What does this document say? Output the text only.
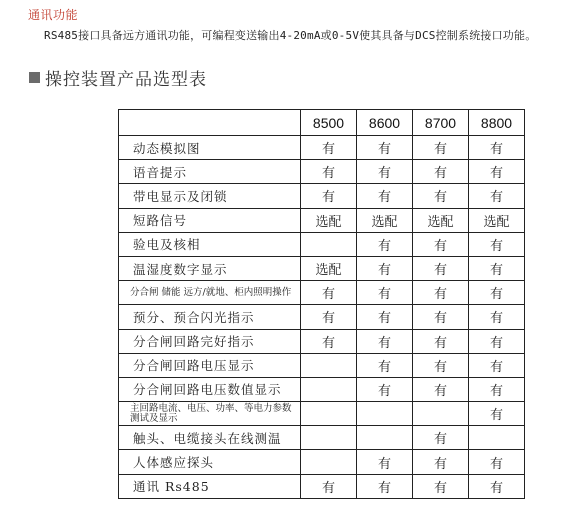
通讯功能
RS485接口具备远方通讯功能，可编程变送输出4-20mA或0-5V使其具备与DCS控制系统接口功能。
操控装置产品选型表
	8500	8600	8700	8800
动态模拟图	有	有	有	有
语音提示	有	有	有	有
带电显示及闭锁	有	有	有	有
短路信号	选配	选配	选配	选配
验电及核相		有	有	有
温湿度数字显示	选配	有	有	有
分合闸 储能 远方/就地、柜内照明操作	有	有	有	有
预分、预合闪光指示	有	有	有	有
分合闸回路完好指示	有	有	有	有
分合闸回路电压显示		有	有	有
分合闸回路电压数值显示		有	有	有
主回路电流、电压、功率、等电力参数测试及显示				有
触头、电缆接头在线测温			有	
人体感应探头		有	有	有
通讯 Rs485	有	有	有	有
